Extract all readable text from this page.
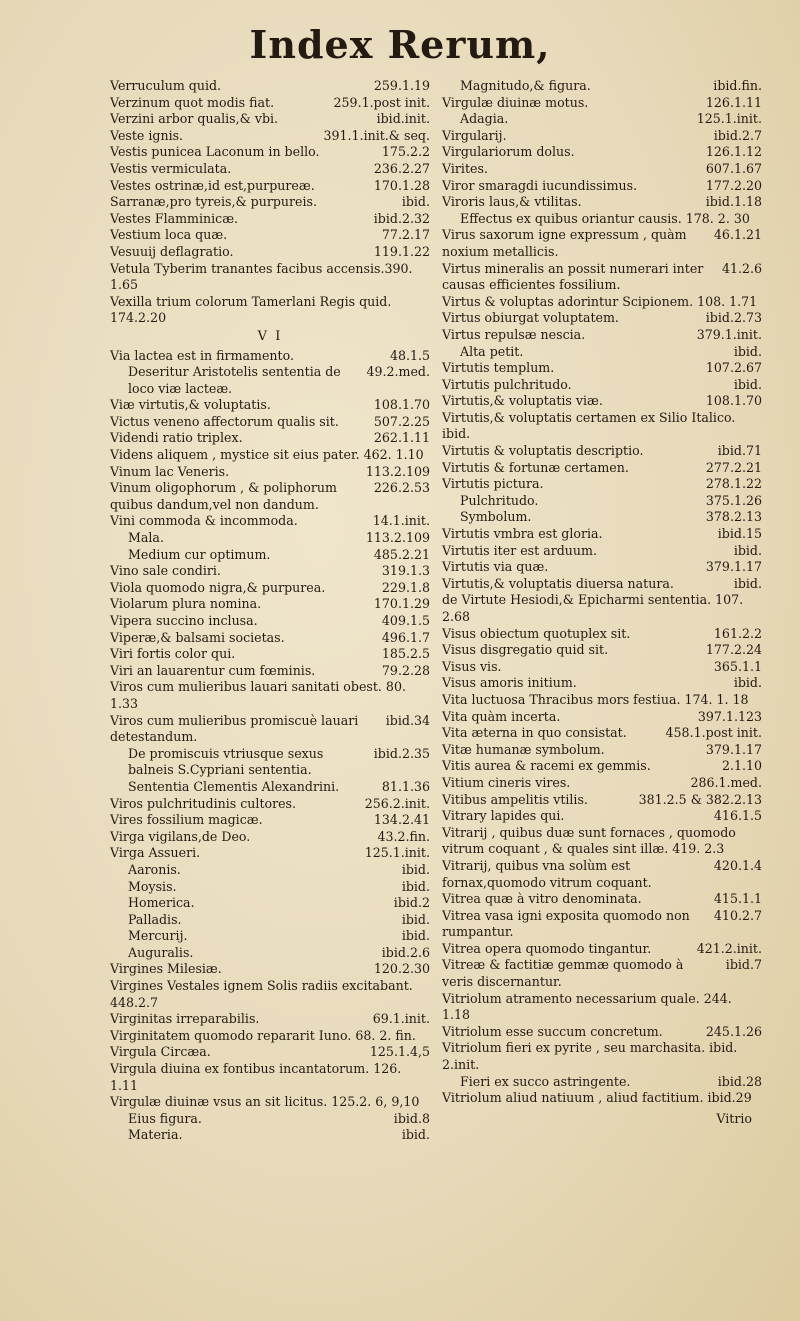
Index Rerum,
259.1.19
Verruculum quid.
259.1.post init.
Verzinum quot modis fiat.
ibid.init.
Verzini arbor qualis,& vbi.
391.1.init.& seq.
Veste ignis.
175.2.2
Vestis punicea Laconum in bello.
236.2.27
Vestis vermiculata.
170.1.28
Vestes ostrinæ,id est,purpureæ.
ibid.
Sarranæ,pro tyreis,& purpureis.
ibid.2.32
Vestes Flamminicæ.
77.2.17
Vestium loca quæ.
119.1.22
Vesuuij deflagratio.
Vetula Tyberim tranantes facibus accensis.390. 1.65
Vexilla trium colorum Tamerlani Regis quid. 174.2.20
V I
48.1.5
Via lactea est in firmamento.
49.2.med.
Deseritur Aristotelis sententia de loco viæ lacteæ.
108.1.70
Viæ virtutis,& voluptatis.
507.2.25
Victus veneno affectorum qualis sit.
262.1.11
Videndi ratio triplex.
Videns aliquem , mystice sit eius pater. 462. 1.10
113.2.109
Vinum lac Veneris.
226.2.53
Vinum oligophorum , & poliphorum quibus dandum,vel non dandum.
14.1.init.
Vini commoda & incommoda.
113.2.109
Mala.
485.2.21
Medium cur optimum.
319.1.3
Vino sale condiri.
229.1.8
Viola quomodo nigra,& purpurea.
170.1.29
Violarum plura nomina.
409.1.5
Vipera succino inclusa.
496.1.7
Viperæ,& balsami societas.
185.2.5
Viri fortis color qui.
79.2.28
Viri an lauarentur cum fœminis.
Viros cum mulieribus lauari sanitati obest. 80. 1.33
ibid.34
Viros cum mulieribus promiscuè lauari detestandum.
ibid.2.35
De promiscuis vtriusque sexus balneis S.Cypriani sententia.
81.1.36
Sententia Clementis Alexandrini.
256.2.init.
Viros pulchritudinis cultores.
134.2.41
Vires fossilium magicæ.
43.2.fin.
Virga vigilans,de Deo.
125.1.init.
Virga Assueri.
ibid.
Aaronis.
ibid.
Moysis.
ibid.2
Homerica.
ibid.
Palladis.
ibid.
Mercurij.
ibid.2.6
Auguralis.
120.2.30
Virgines Milesiæ.
Virgines Vestales ignem Solis radiis excitabant. 448.2.7
69.1.init.
Virginitas irreparabilis.
Virginitatem quomodo repararit Iuno. 68. 2. fin.
125.1.4,5
Virgula Circæa.
Virgula diuina ex fontibus incantatorum. 126. 1.11
Virgulæ diuinæ vsus an sit licitus. 125.2. 6, 9,10
ibid.8
Eius figura.
ibid.
Materia.
ibid.fin.
Magnitudo,& figura.
126.1.11
Virgulæ diuinæ motus.
125.1.init.
Adagia.
ibid.2.7
Virgularij.
126.1.12
Virgulariorum dolus.
607.1.67
Virites.
177.2.20
Viror smaragdi iucundissimus.
ibid.1.18
Viroris laus,& vtilitas.
Effectus ex quibus oriantur causis. 178. 2. 30
46.1.21
Virus saxorum igne expressum , quàm noxium metallicis.
41.2.6
Virtus mineralis an possit numerari inter causas efficientes fossilium.
Virtus & voluptas adorintur Scipionem. 108. 1.71
ibid.2.73
Virtus obiurgat voluptatem.
379.1.init.
Virtus repulsæ nescia.
ibid.
Alta petit.
107.2.67
Virtutis templum.
ibid.
Virtutis pulchritudo.
108.1.70
Virtutis,& voluptatis viæ.
Virtutis,& voluptatis certamen ex Silio Italico. ibid.
ibid.71
Virtutis & voluptatis descriptio.
277.2.21
Virtutis & fortunæ certamen.
278.1.22
Virtutis pictura.
375.1.26
Pulchritudo.
378.2.13
Symbolum.
ibid.15
Virtutis vmbra est gloria.
ibid.
Virtutis iter est arduum.
379.1.17
Virtutis via quæ.
ibid.
Virtutis,& voluptatis diuersa natura.
de Virtute Hesiodi,& Epicharmi sententia. 107. 2.68
161.2.2
Visus obiectum quotuplex sit.
177.2.24
Visus disgregatio quid sit.
365.1.1
Visus vis.
ibid.
Visus amoris initium.
Vita luctuosa Thracibus mors festiua. 174. 1. 18
397.1.123
Vita quàm incerta.
458.1.post init.
Vita æterna in quo consistat.
379.1.17
Vitæ humanæ symbolum.
2.1.10
Vitis aurea & racemi ex gemmis.
286.1.med.
Vitium cineris vires.
381.2.5 & 382.2.13
Vitibus ampelitis vtilis.
416.1.5
Vitrary lapides qui.
Vitrarij , quibus duæ sunt fornaces , quomodo vitrum coquant , & quales sint illæ. 419. 2.3
420.1.4
Vitrarij, quibus vna solùm est fornax,quomodo vitrum coquant.
415.1.1
Vitrea quæ à vitro denominata.
410.2.7
Vitrea vasa igni exposita quomodo non rumpantur.
421.2.init.
Vitrea opera quomodo tingantur.
ibid.7
Vitreæ & factitiæ gemmæ quomodo à veris discernantur.
Vitriolum atramento necessarium quale. 244. 1.18
245.1.26
Vitriolum esse succum concretum.
Vitriolum fieri ex pyrite , seu marchasita. ibid. 2.init.
ibid.28
Fieri ex succo astringente.
Vitriolum aliud natiuum , aliud factitium. ibid.29
Vitrio
